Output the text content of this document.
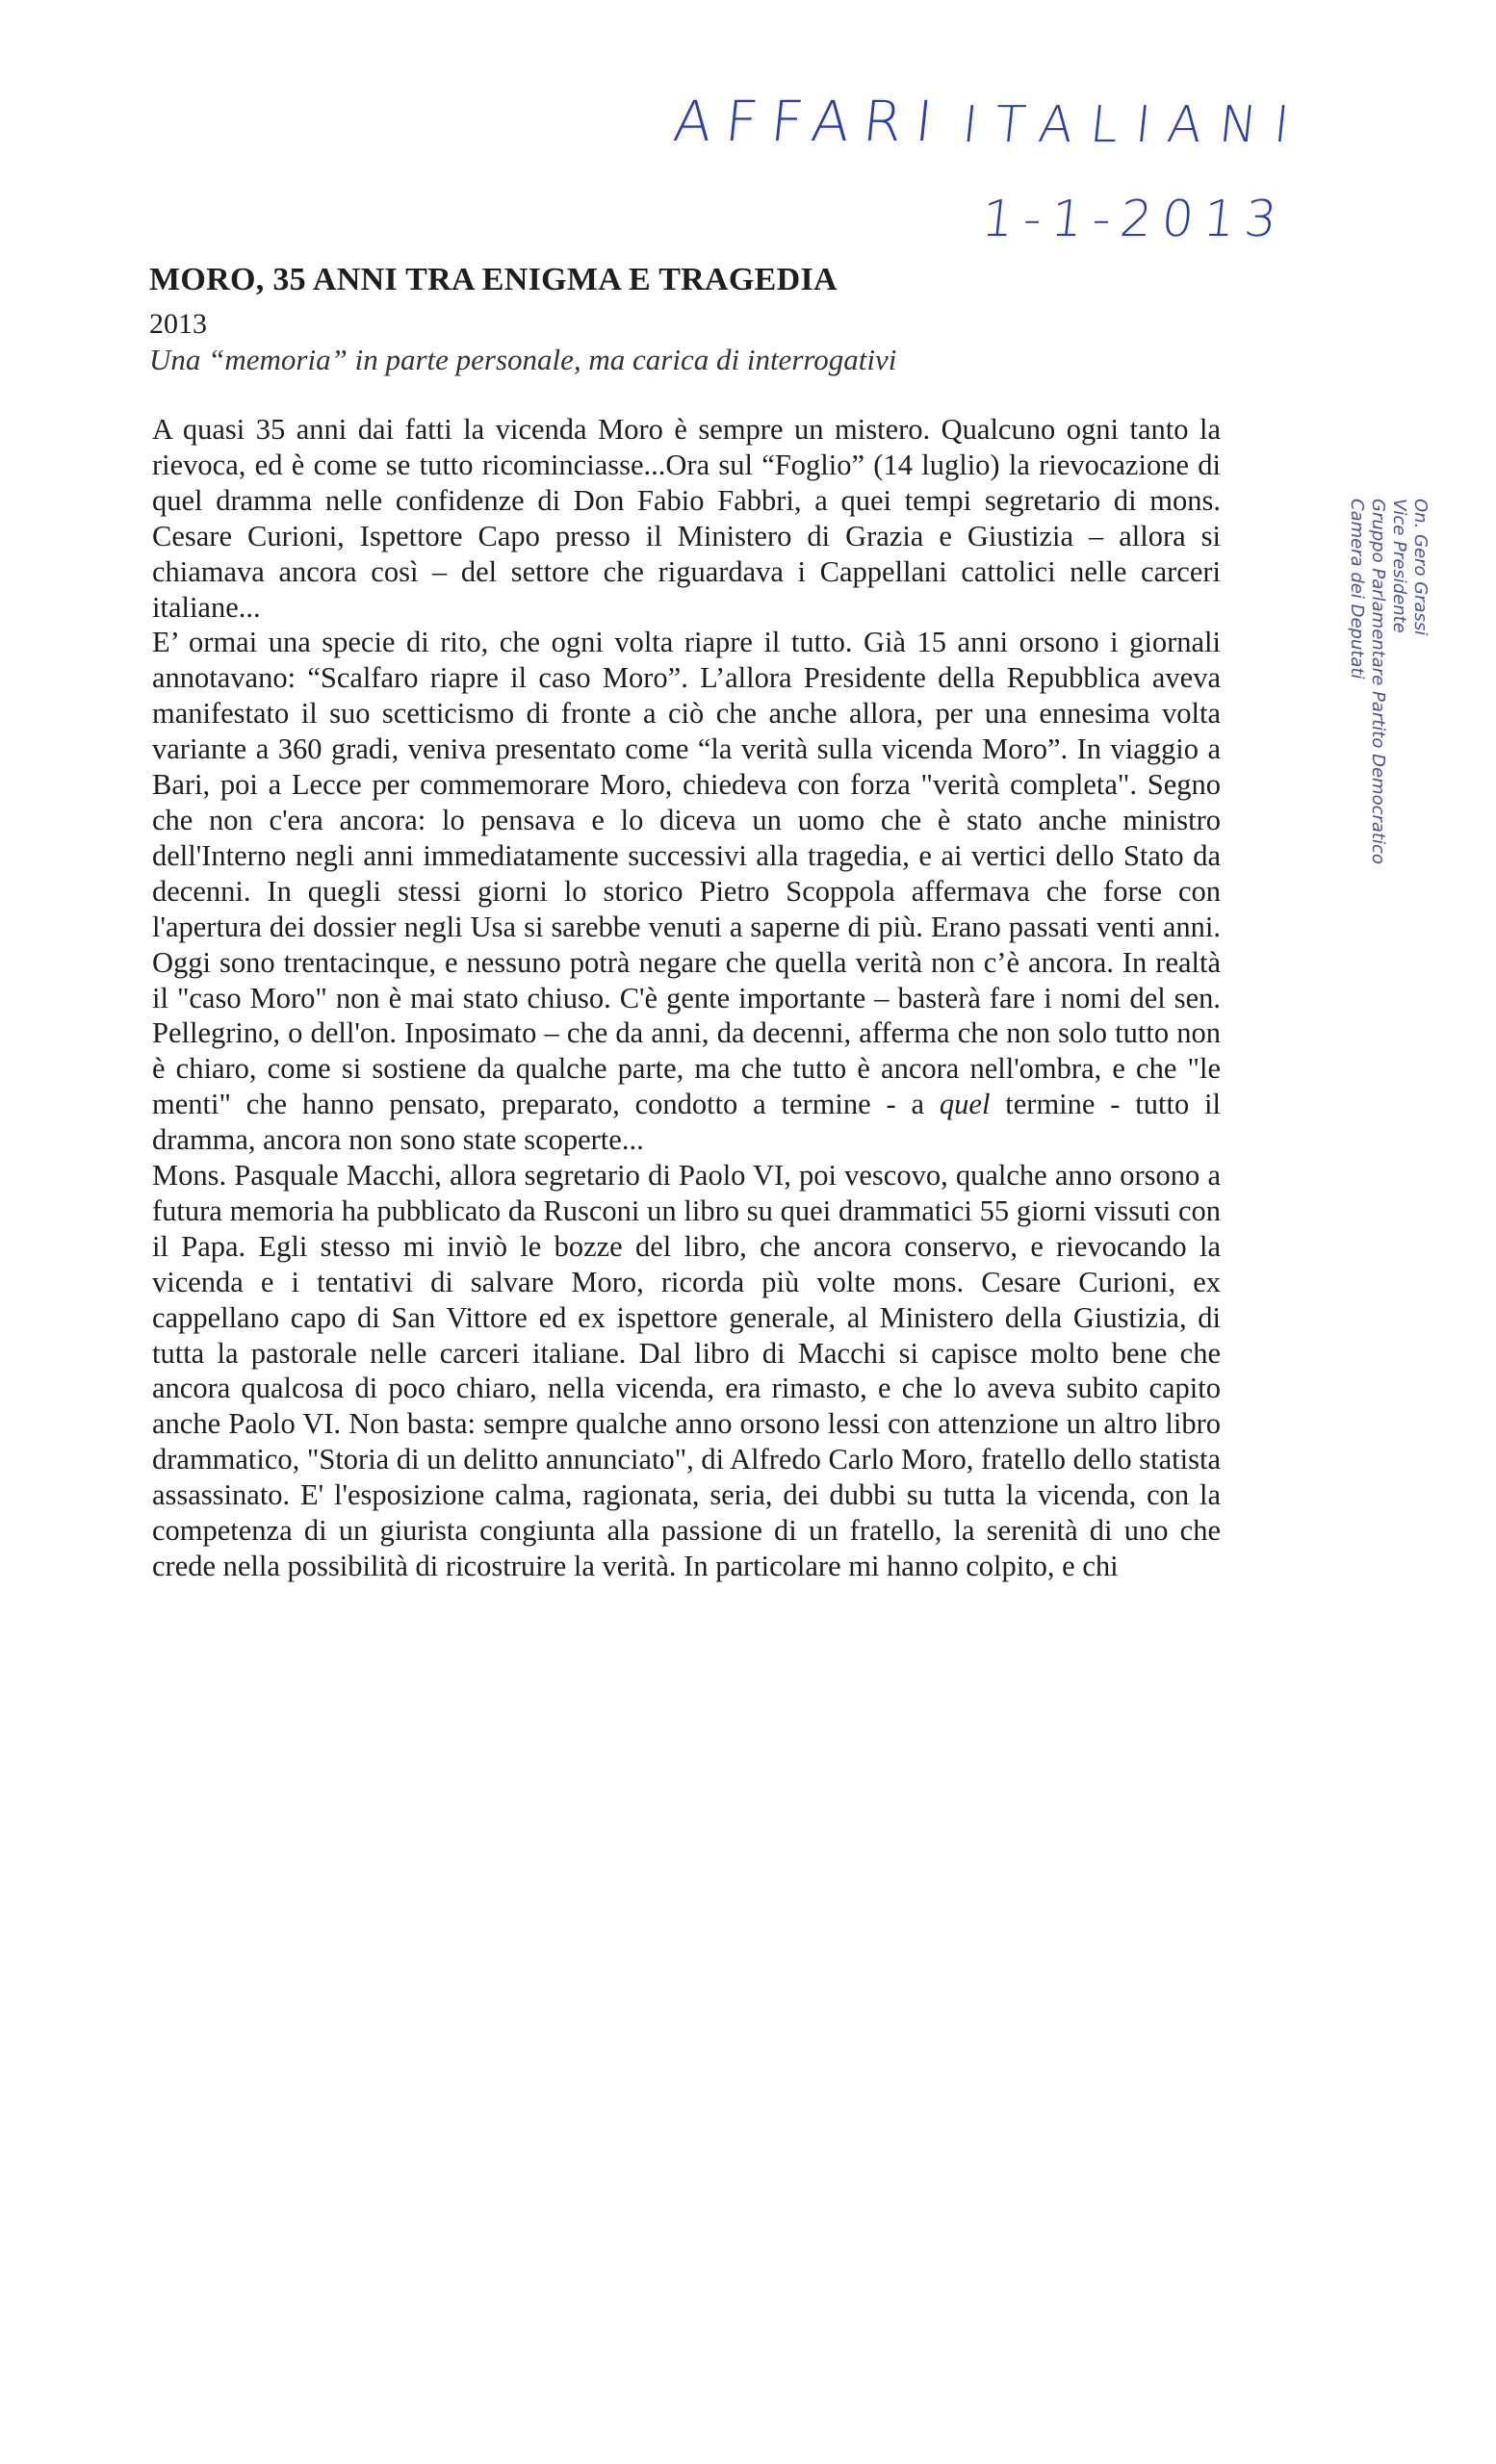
AFFARI ITALIANI
1-1-2013
MORO, 35 ANNI TRA ENIGMA E TRAGEDIA
2013
Una “memoria” in parte personale, ma carica di interrogativi

A quasi 35 anni dai fatti la vicenda Moro è sempre un mistero. Qualcuno ogni tanto la rievoca, ed è come se tutto ricominciasse...Ora sul “Foglio” (14 luglio) la rievocazione di quel dramma nelle confidenze di Don Fabio Fabbri, a quei tempi segretario di mons. Cesare Curioni, Ispettore Capo presso il Ministero di Grazia e Giustizia – allora si chiamava ancora così – del settore che riguardava i Cappellani cattolici nelle carceri italiane...

E’ ormai una specie di rito, che ogni volta riapre il tutto. Già 15 anni orsono i giornali annotavano: “Scalfaro riapre il caso Moro”. L’allora Presidente della Repubblica aveva manifestato il suo scetticismo di fronte a ciò che anche allora, per una ennesima volta variante a 360 gradi, veniva presentato come “la verità sulla vicenda Moro”. In viaggio a Bari, poi a Lecce per commemorare Moro, chiedeva con forza "verità completa". Segno che non c'era ancora: lo pensava e lo diceva un uomo che è stato anche ministro dell'Interno negli anni immediatamente successivi alla tragedia, e ai vertici dello Stato da decenni. In quegli stessi giorni lo storico Pietro Scoppola affermava che forse con l'apertura dei dossier negli Usa si sarebbe venuti a saperne di più. Erano passati venti anni. Oggi sono trentacinque, e nessuno potrà negare che quella verità non c’è ancora. In realtà il "caso Moro" non è mai stato chiuso. C'è gente importante – basterà fare i nomi del sen. Pellegrino, o dell'on. Inposimato – che da anni, da decenni, afferma che non solo tutto non è chiaro, come si sostiene da qualche parte, ma che tutto è ancora nell'ombra, e che "le menti" che hanno pensato, preparato, condotto a termine - a quel termine - tutto il dramma, ancora non sono state scoperte...

Mons. Pasquale Macchi, allora segretario di Paolo VI, poi vescovo, qualche anno orsono a futura memoria ha pubblicato da Rusconi un libro su quei drammatici 55 giorni vissuti con il Papa. Egli stesso mi inviò le bozze del libro, che ancora conservo, e rievocando la vicenda e i tentativi di salvare Moro, ricorda più volte mons. Cesare Curioni, ex cappellano capo di San Vittore ed ex ispettore generale, al Ministero della Giustizia, di tutta la pastorale nelle carceri italiane. Dal libro di Macchi si capisce molto bene che ancora qualcosa di poco chiaro, nella vicenda, era rimasto, e che lo aveva subito capito anche Paolo VI. Non basta: sempre qualche anno orsono lessi con attenzione un altro libro drammatico, "Storia di un delitto annunciato", di Alfredo Carlo Moro, fratello dello statista assassinato. E' l'esposizione calma, ragionata, seria, dei dubbi su tutta la vicenda, con la competenza di un giurista congiunta alla passione di un fratello, la serenità di uno che crede nella possibilità di ricostruire la verità. In particolare mi hanno colpito, e chi

On. Gero Grassi
Vice Presidente
Gruppo Parlamentare Partito Democratico
Camera dei Deputati
